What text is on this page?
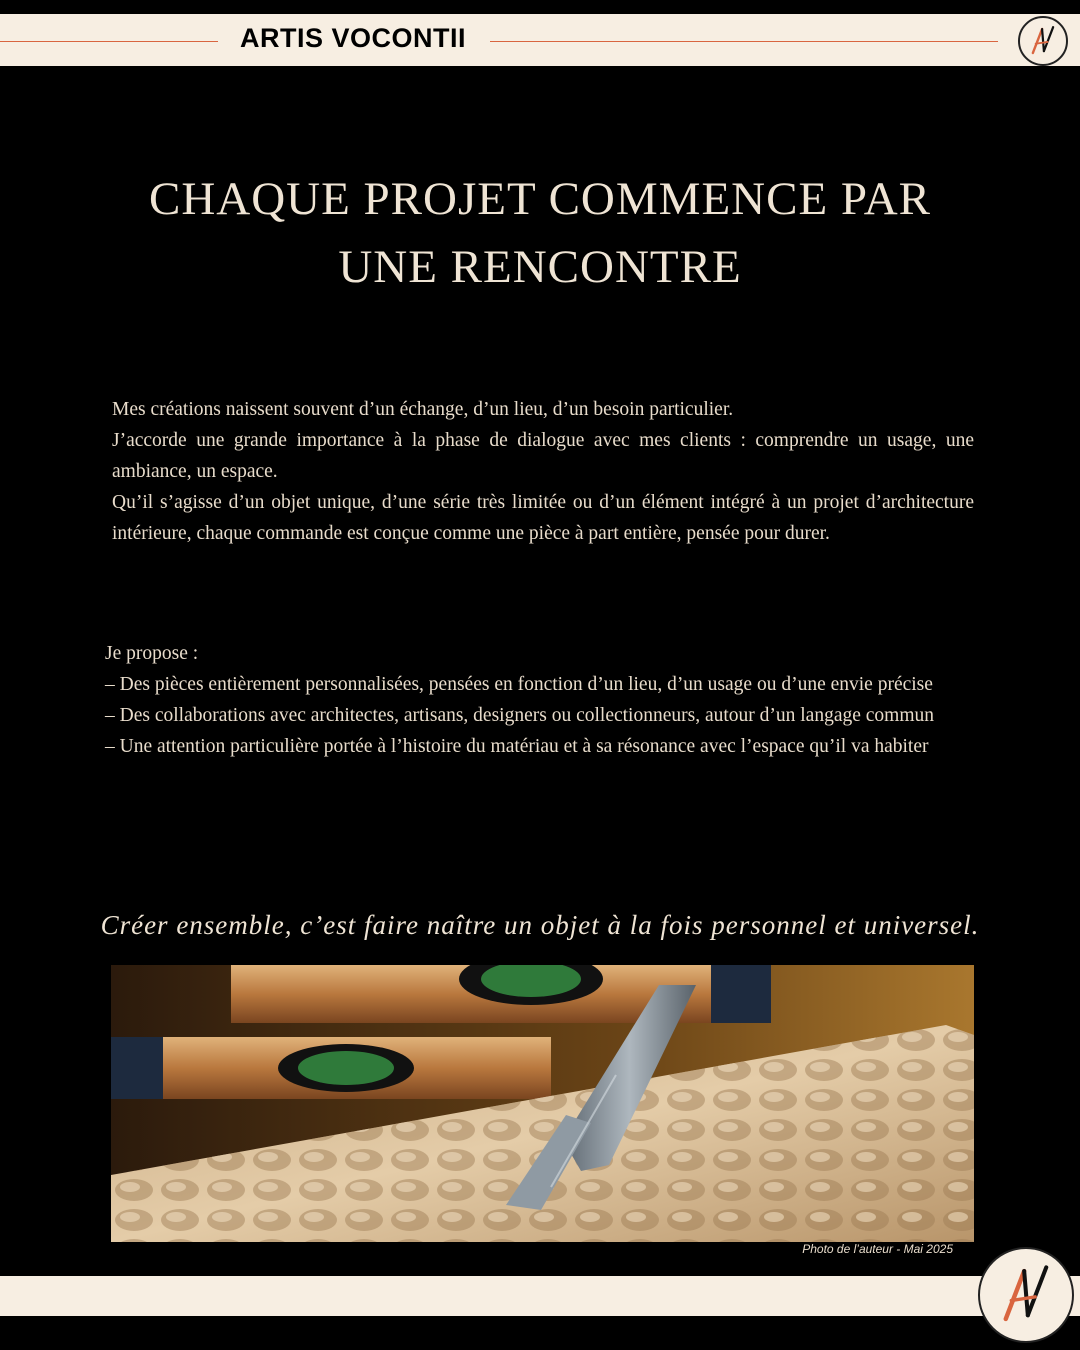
ARTIS VOCONTII
CHAQUE PROJET COMMENCE PAR
UNE RENCONTRE

Mes créations naissent souvent d’un échange, d’un lieu, d’un besoin particulier.

J’accorde une grande importance à la phase de dialogue avec mes clients : comprendre un usage, une ambiance, un espace.

Qu’il s’agisse d’un objet unique, d’une série très limitée ou d’un élément intégré à un projet d’architecture intérieure, chaque commande est conçue comme une pièce à part entière, pensée pour durer.

Je propose :
– Des pièces entièrement personnalisées, pensées en fonction d’un lieu, d’un usage ou d’une envie précise
– Des collaborations avec architectes, artisans, designers ou collectionneurs, autour d’un langage commun
– Une attention particulière portée à l’histoire du matériau et à sa résonance avec l’espace qu’il va habiter
Créer ensemble, c’est faire naître un objet à la fois personnel et universel.
Photo de l’auteur - Mai 2025
